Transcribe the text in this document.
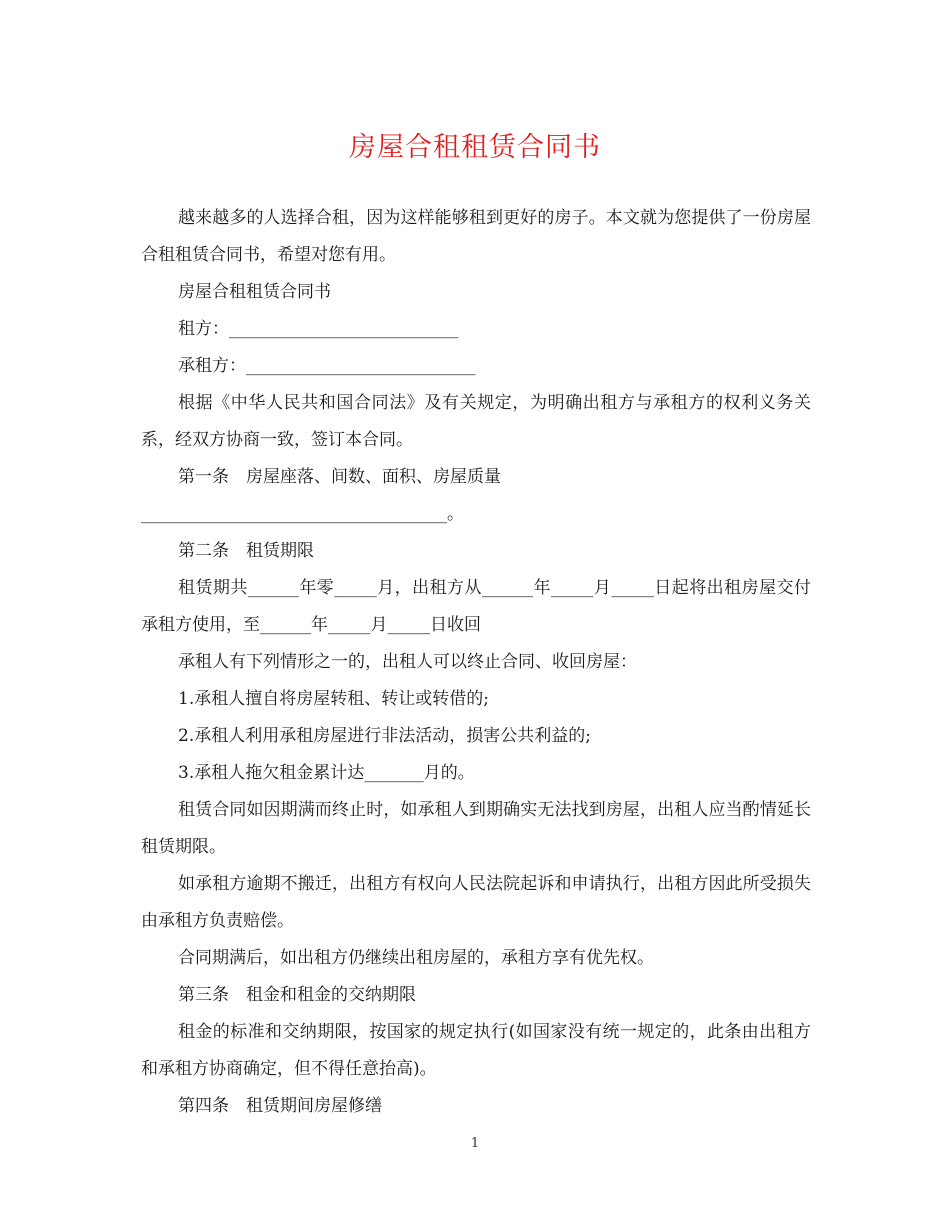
房屋合租租赁合同书

越来越多的人选择合租，因为这样能够租到更好的房子。本文就为您提供了一份房屋合租租赁合同书，希望对您有用。

房屋合租租赁合同书

租方：___________________________

承租方：___________________________

根据《中华人民共和国合同法》及有关规定，为明确出租方与承租方的权利义务关系，经双方协商一致，签订本合同。

第一条　房屋座落、间数、面积、房屋质量

____________________________________。

第二条　租赁期限

租赁期共______年零_____月，出租方从______年_____月_____日起将出租房屋交付承租方使用，至______年_____月_____日收回

承租人有下列情形之一的，出租人可以终止合同、收回房屋：

1.承租人擅自将房屋转租、转让或转借的;

2.承租人利用承租房屋进行非法活动，损害公共利益的;

3.承租人拖欠租金累计达_______月的。

租赁合同如因期满而终止时，如承租人到期确实无法找到房屋，出租人应当酌情延长租赁期限。

如承租方逾期不搬迁，出租方有权向人民法院起诉和申请执行，出租方因此所受损失由承租方负责赔偿。

合同期满后，如出租方仍继续出租房屋的，承租方享有优先权。

第三条　租金和租金的交纳期限

租金的标准和交纳期限，按国家的规定执行(如国家没有统一规定的，此条由出租方和承租方协商确定，但不得任意抬高)。

第四条　租赁期间房屋修缮

1
